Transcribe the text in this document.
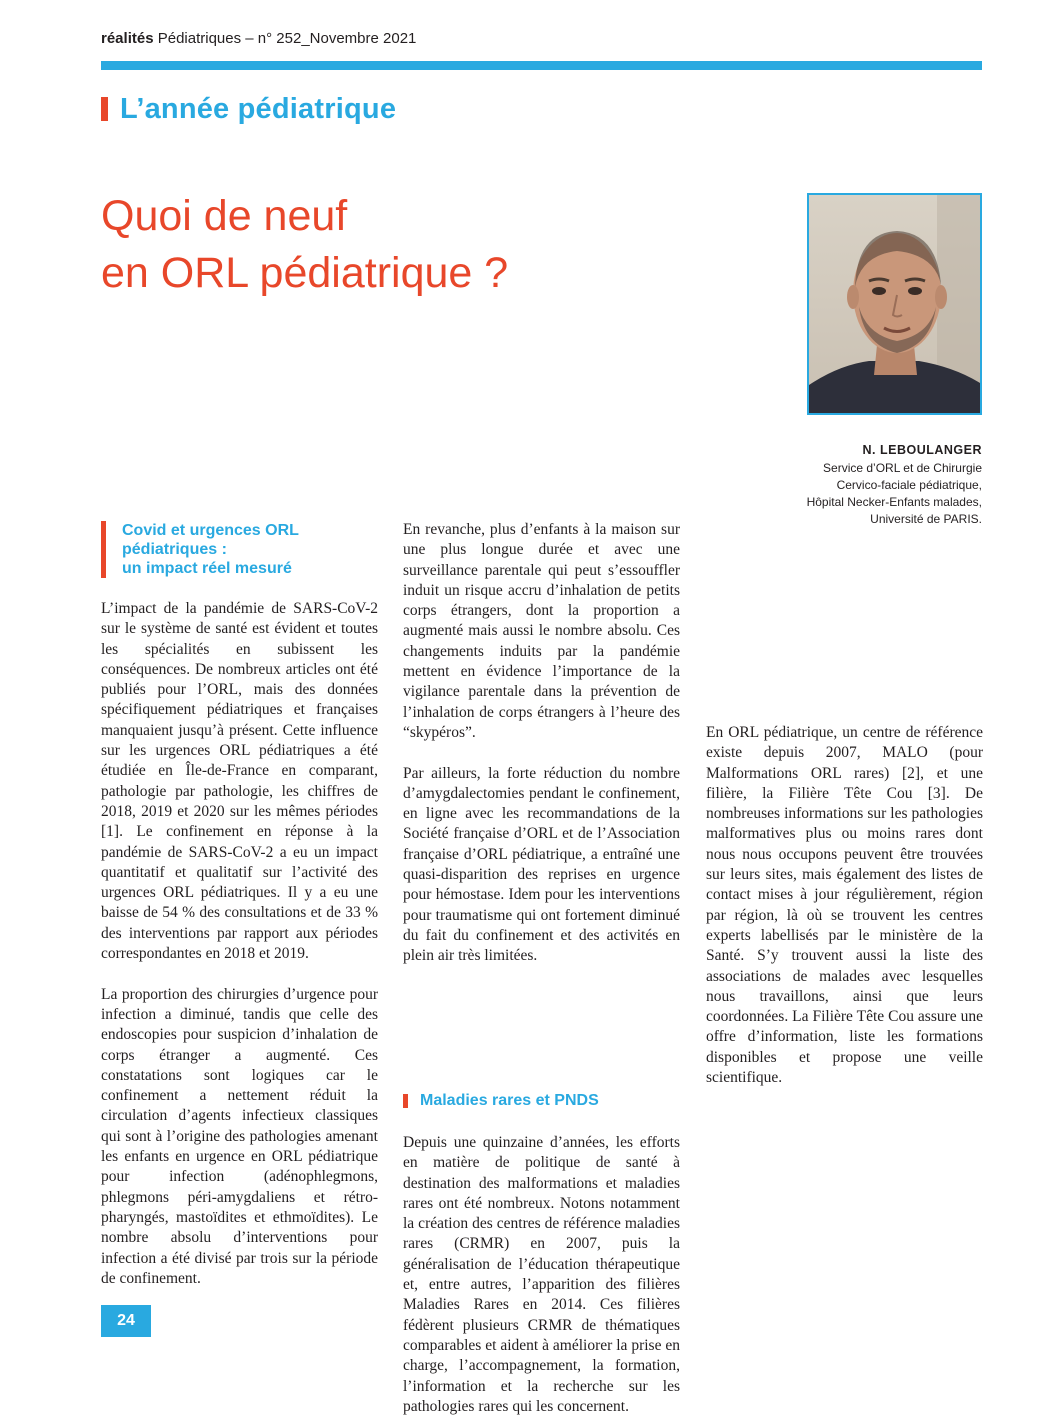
réalités Pédiatriques – n° 252_Novembre 2021
L’année pédiatrique
Quoi de neuf
en ORL pédiatrique ?
N. LEBOULANGER
Service d’ORL et de Chirurgie
Cervico-faciale pédiatrique,
Hôpital Necker-Enfants malades,
Université de PARIS.
Covid et urgences ORL
pédiatriques :
un impact réel mesuré

L’impact de la pandémie de SARS-CoV-2 sur le système de santé est évident et toutes les spécialités en subissent les conséquences. De nombreux articles ont été publiés pour l’ORL, mais des données spécifiquement pédiatriques et françaises manquaient jusqu’à présent. Cette influence sur les urgences ORL pédiatriques a été étudiée en Île-de-France en comparant, pathologie par pathologie, les chiffres de 2018, 2019 et 2020 sur les mêmes périodes [1]. Le confinement en réponse à la pandémie de SARS-CoV-2 a eu un impact quantitatif et qualitatif sur l’activité des urgences ORL pédiatriques. Il y a eu une baisse de 54 % des consultations et de 33 % des interventions par rapport aux périodes correspondantes en 2018 et 2019.

La proportion des chirurgies d’urgence pour infection a diminué, tandis que celle des endoscopies pour suspicion d’inhalation de corps étranger a augmenté. Ces constatations sont logiques car le confinement a nettement réduit la circulation d’agents infectieux classiques qui sont à l’origine des pathologies amenant les enfants en urgence en ORL pédiatrique pour infection (adénophlegmons, phlegmons péri-amygdaliens et rétro-pharyngés, mastoïdites et ethmoïdites). Le nombre absolu d’interventions pour infection a été divisé par trois sur la période de confinement.

En revanche, plus d’enfants à la maison sur une plus longue durée et avec une surveillance parentale qui peut s’essouffler induit un risque accru d’inhalation de petits corps étrangers, dont la proportion a augmenté mais aussi le nombre absolu. Ces changements induits par la pandémie mettent en évidence l’importance de la vigilance parentale dans la prévention de l’inhalation de corps étrangers à l’heure des “skypéros”.

Par ailleurs, la forte réduction du nombre d’amygdalectomies pendant le confinement, en ligne avec les recommandations de la Société française d’ORL et de l’Association française d’ORL pédiatrique, a entraîné une quasi-disparition des reprises en urgence pour hémostase. Idem pour les interventions pour traumatisme qui ont fortement diminué du fait du confinement et des activités en plein air très limitées.

Maladies rares et PNDS

Depuis une quinzaine d’années, les efforts en matière de politique de santé à destination des malformations et maladies rares ont été nombreux. Notons notamment la création des centres de référence maladies rares (CRMR) en 2007, puis la généralisation de l’éducation thérapeutique et, entre autres, l’apparition des filières Maladies Rares en 2014. Ces filières fédèrent plusieurs CRMR de thématiques comparables et aident à améliorer la prise en charge, l’accompagnement, la formation, l’information et la recherche sur les pathologies rares qui les concernent.

En ORL pédiatrique, un centre de référence existe depuis 2007, MALO (pour Malformations ORL rares) [2], et une filière, la Filière Tête Cou [3]. De nombreuses informations sur les pathologies malformatives plus ou moins rares dont nous nous occupons peuvent être trouvées sur leurs sites, mais également des listes de contact mises à jour régulièrement, région par région, là où se trouvent les centres experts labellisés par le ministère de la Santé. S’y trouvent aussi la liste des associations de malades avec lesquelles nous travaillons, ainsi que leurs coordonnées. La Filière Tête Cou assure une offre d’information, liste les formations disponibles et propose une veille scientifique.

24
